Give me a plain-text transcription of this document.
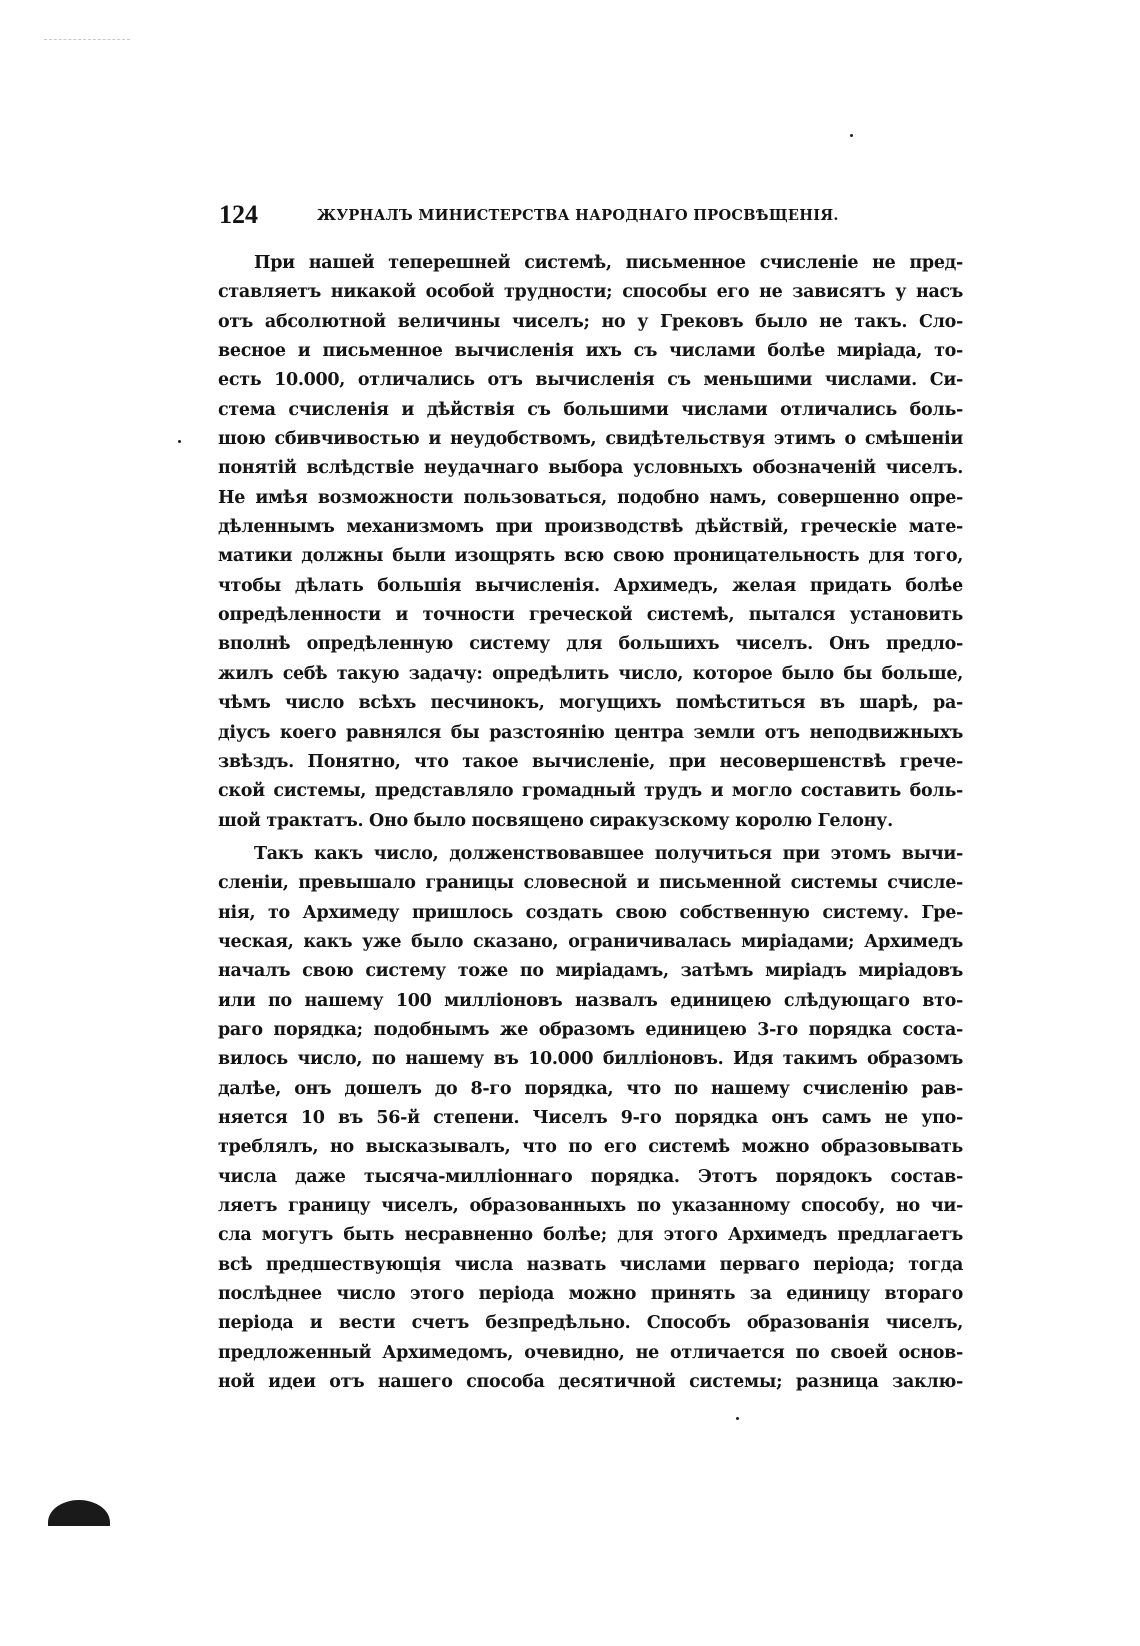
124	ЖУРНАЛЪ МИНИСТЕРСТВА НАРОДНАГО ПРОСВѢЩЕНІЯ.
При нашей теперешней системѣ, письменное счисленіе не пред-
ставляетъ никакой особой трудности; способы его не зависятъ у насъ
отъ абсолютной величины чиселъ; но у Грековъ было не такъ. Сло-
весное и письменное вычисленія ихъ съ числами болѣе миріада, то-
есть 10.000, отличались отъ вычисленія съ меньшими числами. Си-
стема счисленія и дѣйствія съ большими числами отличались боль-
шою сбивчивостью и неудобствомъ, свидѣтельствуя этимъ о смѣшеніи
понятій вслѣдствіе неудачнаго выбора условныхъ обозначеній чиселъ.
Не имѣя возможности пользоваться, подобно намъ, совершенно опре-
дѣленнымъ механизмомъ при производствѣ дѣйствій, греческіе мате-
матики должны были изощрять всю свою проницательность для того,
чтобы дѣлать большія вычисленія. Архимедъ, желая придать болѣе
опредѣленности и точности греческой системѣ, пытался установить
вполнѣ опредѣленную систему для большихъ чиселъ. Онъ предло-
жилъ себѣ такую задачу: опредѣлить число, которое было бы больше,
чѣмъ число всѣхъ песчинокъ, могущихъ помѣститься въ шарѣ, ра-
діусъ коего равнялся бы разстоянію центра земли отъ неподвижныхъ
звѣздъ. Понятно, что такое вычисленіе, при несовершенствѣ грече-
ской системы, представляло громадный трудъ и могло составить боль-
шой трактатъ. Оно было посвящено сиракузскому королю Гелону.
Такъ какъ число, долженствовавшее получиться при этомъ вычи-
сленіи, превышало границы словесной и письменной системы счисле-
нія, то Архимеду пришлось создать свою собственную систему. Гре-
ческая, какъ уже было сказано, ограничивалась миріадами; Архимедъ
началъ свою систему тоже по миріадамъ, затѣмъ миріадъ миріадовъ
или по нашему 100 милліоновъ назвалъ единицею слѣдующаго вто-
раго порядка; подобнымъ же образомъ единицею 3-го порядка соста-
вилось число, по нашему въ 10.000 билліоновъ. Идя такимъ образомъ
далѣе, онъ дошелъ до 8-го порядка, что по нашему счисленію рав-
няется 10 въ 56-й степени. Чиселъ 9-го порядка онъ самъ не упо-
треблялъ, но высказывалъ, что по его системѣ можно образовывать
числа даже тысяча-милліоннаго порядка. Этотъ порядокъ состав-
ляетъ границу чиселъ, образованныхъ по указанному способу, но чи-
сла могутъ быть несравненно болѣе; для этого Архимедъ предлагаетъ
всѣ предшествующія числа назвать числами перваго періода; тогда
послѣднее число этого періода можно принять за единицу втораго
періода и вести счетъ безпредѣльно. Способъ образованія чиселъ,
предложенный Архимедомъ, очевидно, не отличается по своей основ-
ной идеи отъ нашего способа десятичной системы; разница заклю-
